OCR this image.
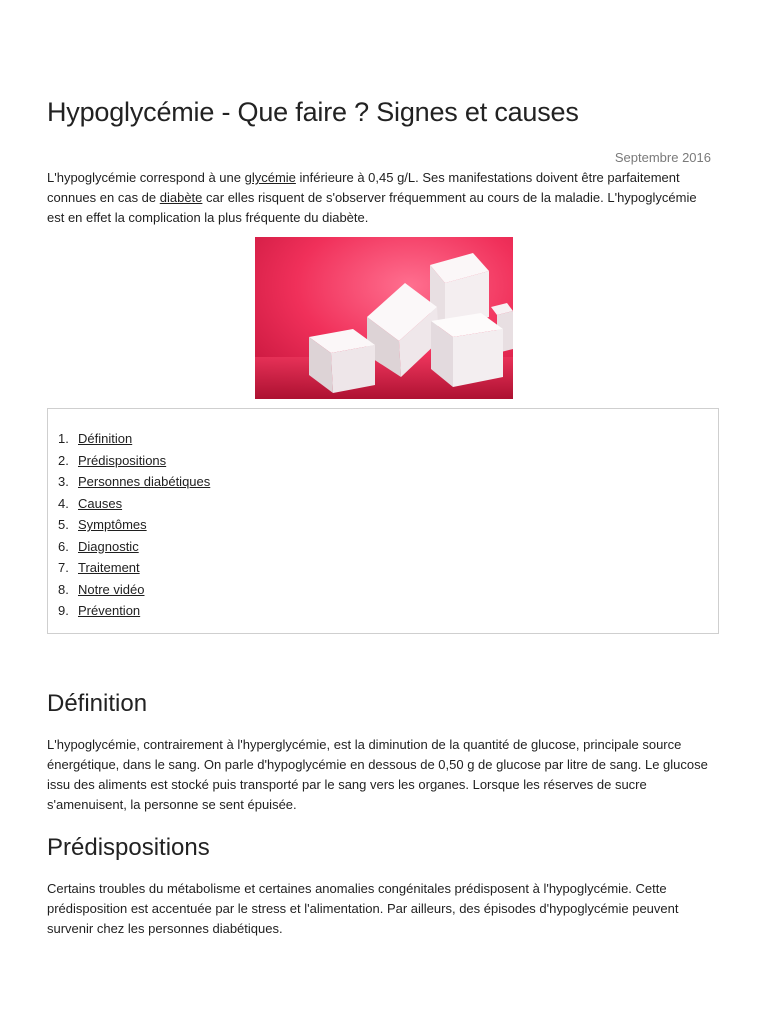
Hypoglycémie - Que faire ? Signes et causes
Septembre 2016

L'hypoglycémie correspond à une glycémie inférieure à 0,45 g/L. Ses manifestations doivent être parfaitement connues en cas de diabète car elles risquent de s'observer fréquemment au cours de la maladie. L'hypoglycémie est en effet la complication la plus fréquente du diabète.

1. Définition
2. Prédispositions
3. Personnes diabétiques
4. Causes
5. Symptômes
6. Diagnostic
7. Traitement
8. Notre vidéo
9. Prévention
Définition

L'hypoglycémie, contrairement à l'hyperglycémie, est la diminution de la quantité de glucose, principale source énergétique, dans le sang. On parle d'hypoglycémie en dessous de 0,50 g de glucose par litre de sang. Le glucose issu des aliments est stocké puis transporté par le sang vers les organes. Lorsque les réserves de sucre s'amenuisent, la personne se sent épuisée.

Prédispositions

Certains troubles du métabolisme et certaines anomalies congénitales prédisposent à l'hypoglycémie. Cette prédisposition est accentuée par le stress et l'alimentation. Par ailleurs, des épisodes d'hypoglycémie peuvent survenir chez les personnes diabétiques.
